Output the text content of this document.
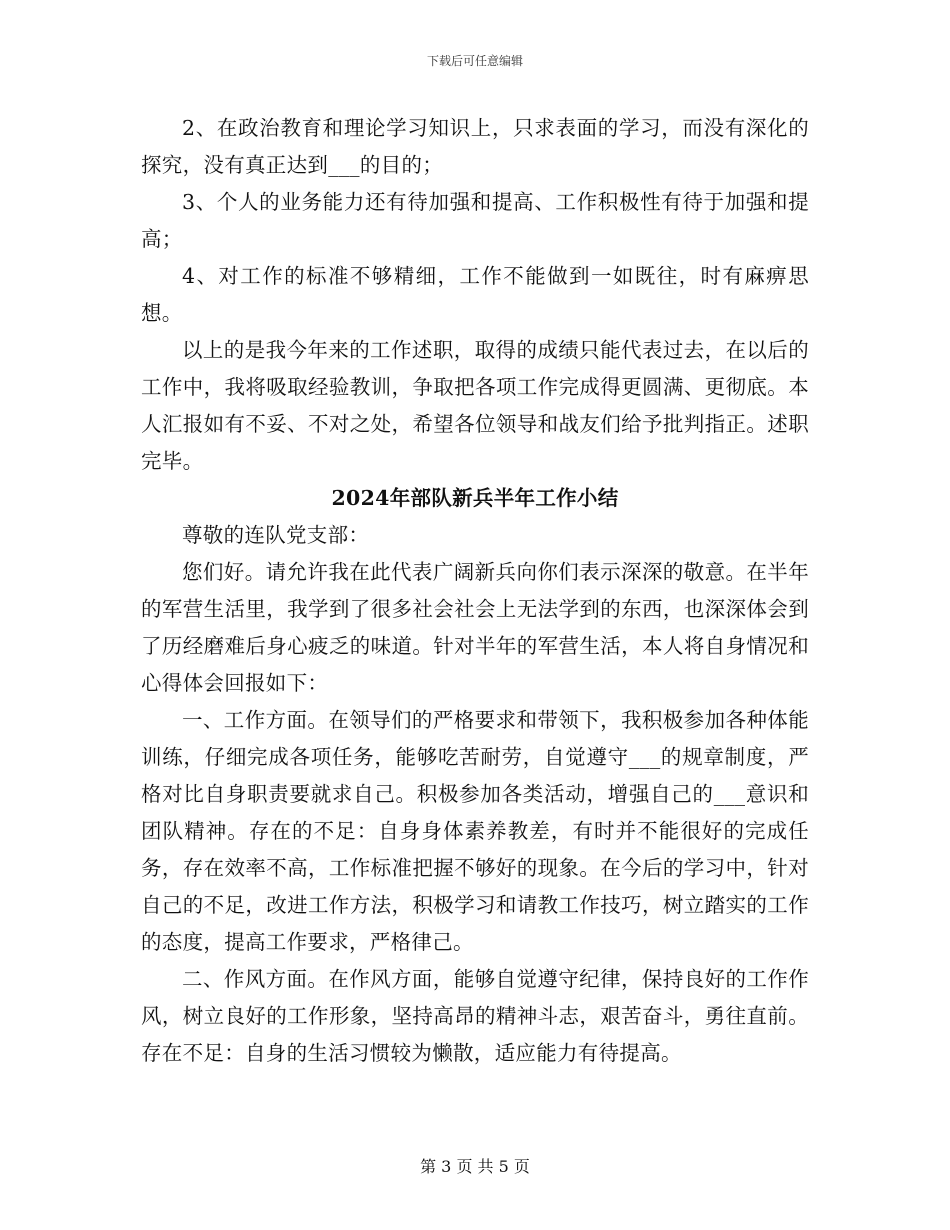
下载后可任意编辑

2、在政治教育和理论学习知识上，只求表面的学习，而没有深化的探究，没有真正达到___的目的；

3、个人的业务能力还有待加强和提高、工作积极性有待于加强和提高；

4、对工作的标准不够精细，工作不能做到一如既往，时有麻痹思想。

以上的是我今年来的工作述职，取得的成绩只能代表过去，在以后的工作中，我将吸取经验教训，争取把各项工作完成得更圆满、更彻底。本人汇报如有不妥、不对之处，希望各位领导和战友们给予批判指正。述职完毕。

2024年部队新兵半年工作小结

尊敬的连队党支部：

您们好。请允许我在此代表广阔新兵向你们表示深深的敬意。在半年的军营生活里，我学到了很多社会社会上无法学到的东西，也深深体会到了历经磨难后身心疲乏的味道。针对半年的军营生活，本人将自身情况和心得体会回报如下：

一、工作方面。在领导们的严格要求和带领下，我积极参加各种体能训练，仔细完成各项任务，能够吃苦耐劳，自觉遵守___的规章制度，严格对比自身职责要就求自己。积极参加各类活动，增强自己的___意识和团队精神。存在的不足：自身身体素养教差，有时并不能很好的完成任务，存在效率不高，工作标准把握不够好的现象。在今后的学习中，针对自己的不足，改进工作方法，积极学习和请教工作技巧，树立踏实的工作的态度，提高工作要求，严格律己。

二、作风方面。在作风方面，能够自觉遵守纪律，保持良好的工作作风，树立良好的工作形象，坚持高昂的精神斗志，艰苦奋斗，勇往直前。存在不足：自身的生活习惯较为懒散，适应能力有待提高。

第 3 页 共 5 页
